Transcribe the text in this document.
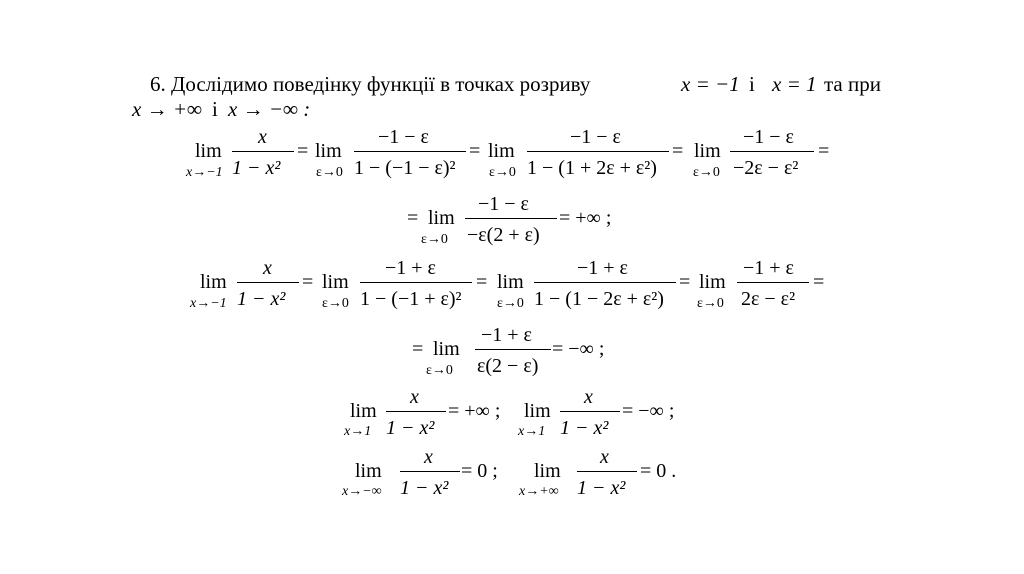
6. Дослідимо поведінку функції в точках розриву	x = −1 і x = 1 та при
x → +∞ і x → −∞ :
lim
x→−1
x
1 − x²
= lim
ε→0
−1 − ε
1 − (−1 − ε)²
= lim
ε→0
−1 − ε
1 − (1 + 2ε + ε²)
= lim
ε→0
−1 − ε
−2ε − ε²
=
= lim
ε→0
−1 − ε
−ε(2 + ε)
= +∞ ;
lim
x→−1
x
1 − x²
= lim
ε→0
−1 + ε
1 − (−1 + ε)²
= lim
ε→0
−1 + ε
1 − (1 − 2ε + ε²)
= lim
ε→0
−1 + ε
2ε − ε²
=
= lim
ε→0
−1 + ε
ε(2 − ε)
= −∞ ;
lim
x→1
x
1 − x²
= +∞ ; lim
x→1
x
1 − x²
= −∞ ;
lim
x→−∞
x
1 − x²
= 0 ; lim
x→+∞
x
1 − x²
= 0 .
